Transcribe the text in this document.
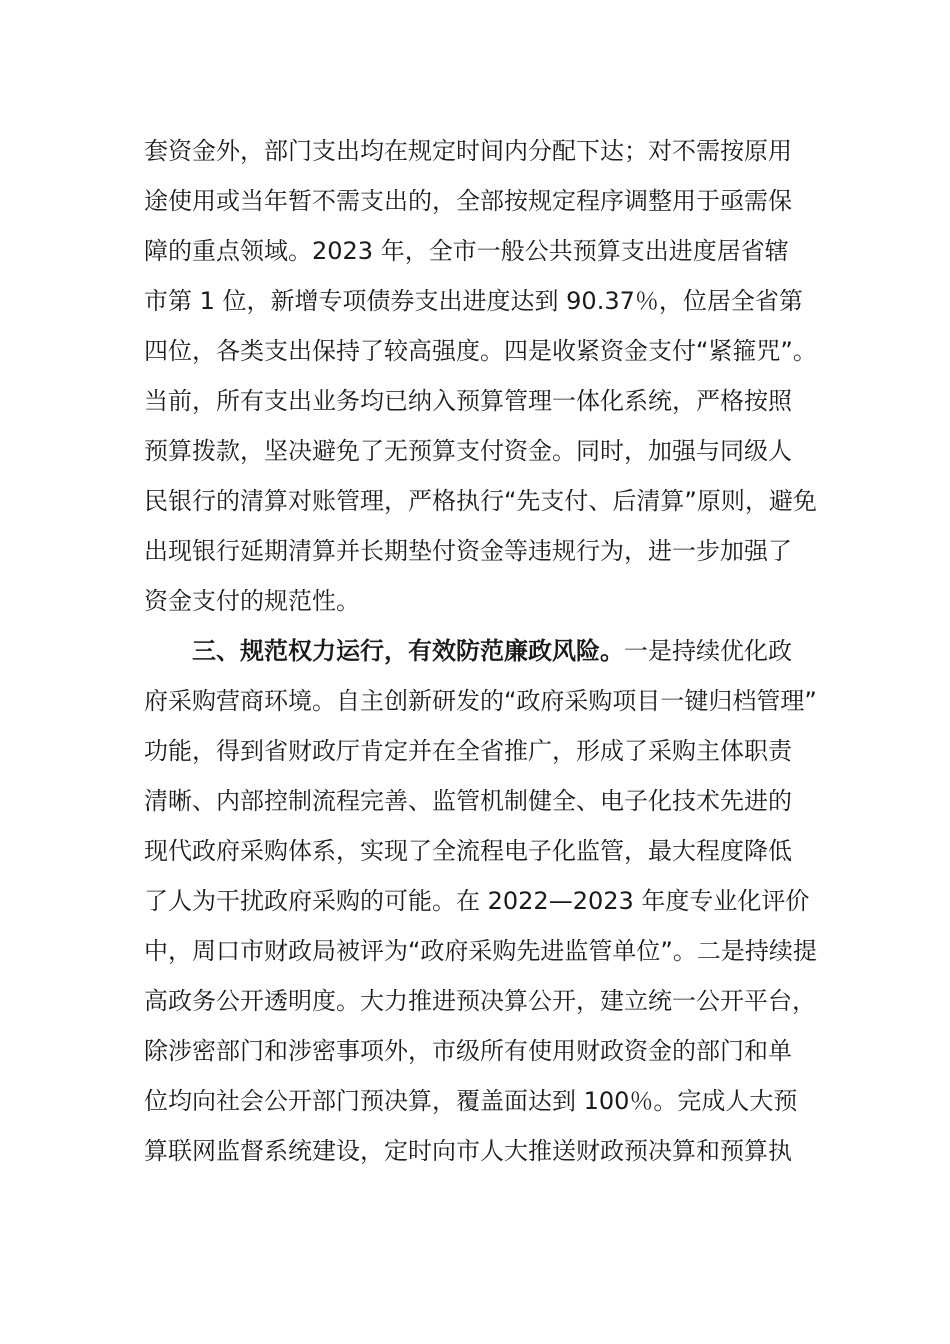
套资金外，部门支出均在规定时间内分配下达；对不需按原用
途使用或当年暂不需支出的，全部按规定程序调整用于亟需保
障的重点领域。2023 年，全市一般公共预算支出进度居省辖
市第 1 位，新增专项债券支出进度达到 90.37％，位居全省第
四位，各类支出保持了较高强度。四是收紧资金支付“紧箍咒”。
当前，所有支出业务均已纳入预算管理一体化系统，严格按照
预算拨款，坚决避免了无预算支付资金。同时，加强与同级人
民银行的清算对账管理，严格执行“先支付、后清算”原则，避免
出现银行延期清算并长期垫付资金等违规行为，进一步加强了
资金支付的规范性。
三、规范权力运行，有效防范廉政风险。一是持续优化政
府采购营商环境。自主创新研发的“政府采购项目一键归档管理”
功能，得到省财政厅肯定并在全省推广，形成了采购主体职责
清晰、内部控制流程完善、监管机制健全、电子化技术先进的
现代政府采购体系，实现了全流程电子化监管，最大程度降低
了人为干扰政府采购的可能。在 2022—2023 年度专业化评价
中，周口市财政局被评为“政府采购先进监管单位”。二是持续提
高政务公开透明度。大力推进预决算公开，建立统一公开平台，
除涉密部门和涉密事项外，市级所有使用财政资金的部门和单
位均向社会公开部门预决算，覆盖面达到 100％。完成人大预
算联网监督系统建设，定时向市人大推送财政预决算和预算执
